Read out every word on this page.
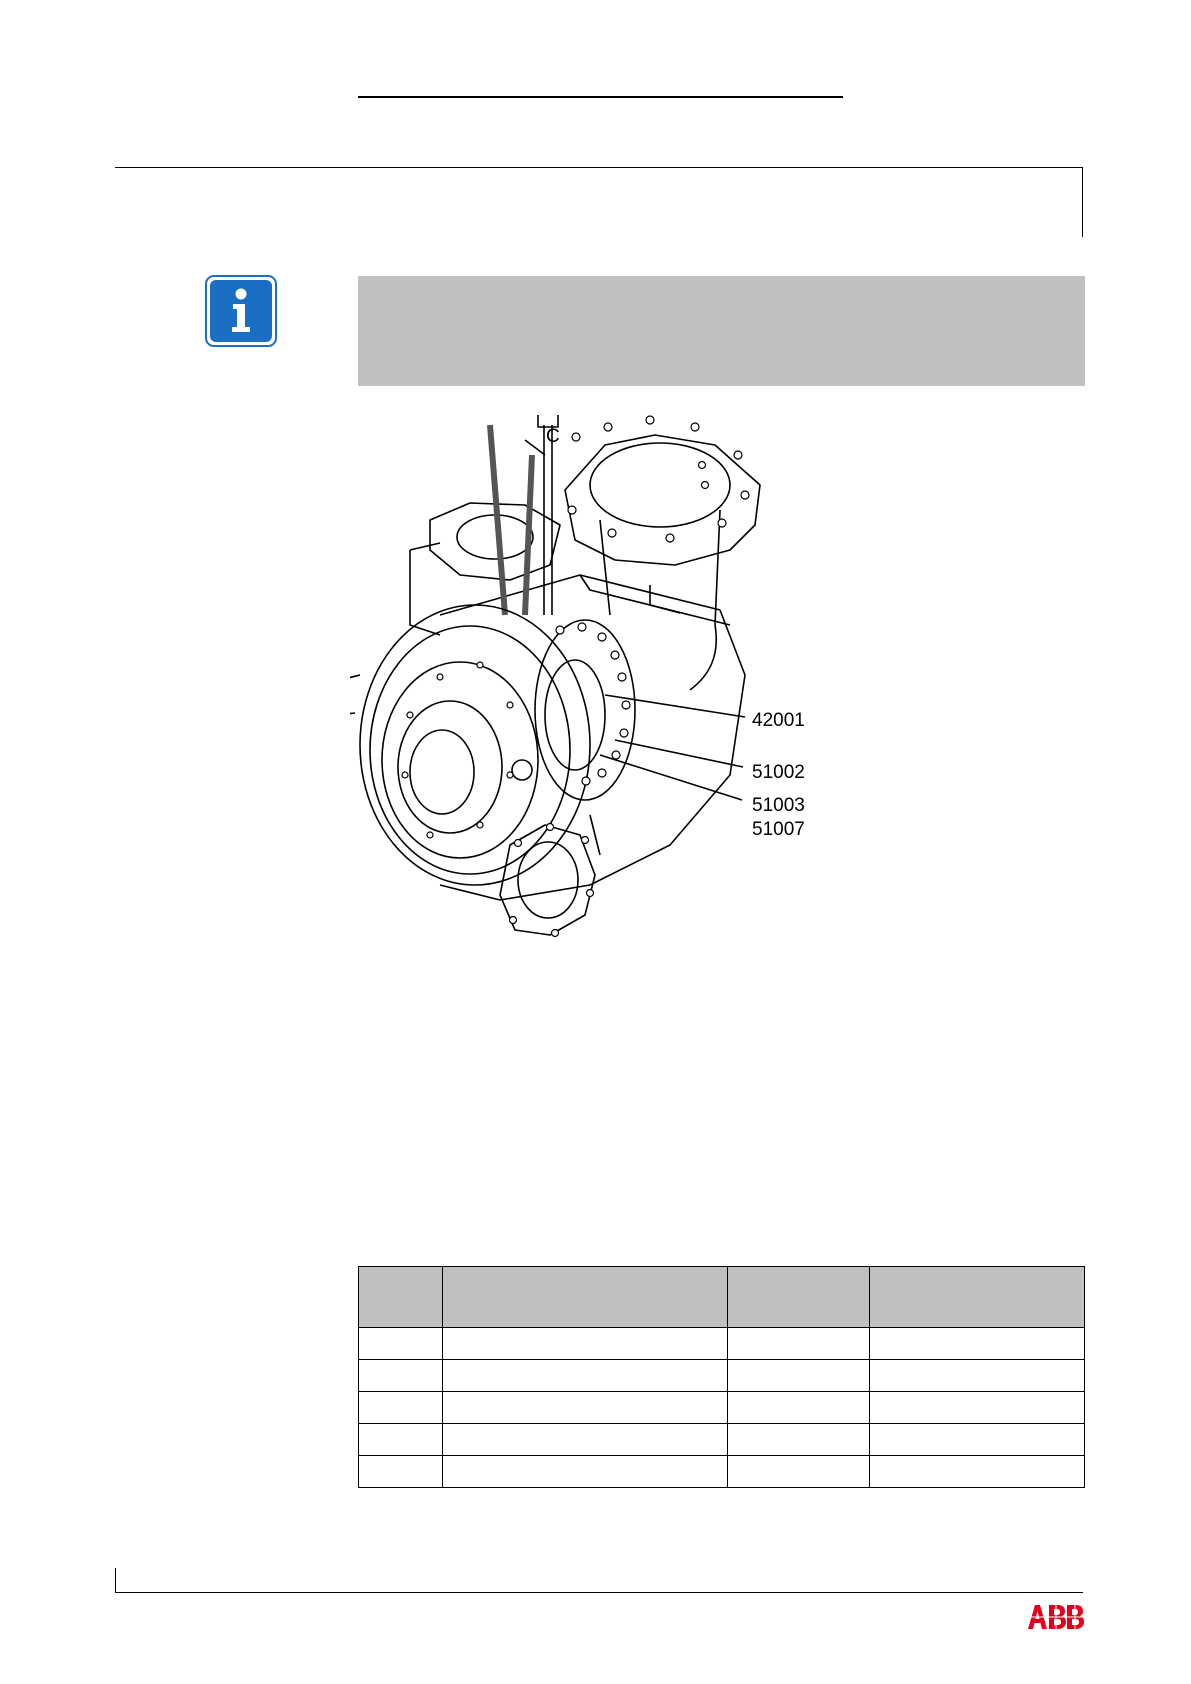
C
42001
51002
51003
51007
